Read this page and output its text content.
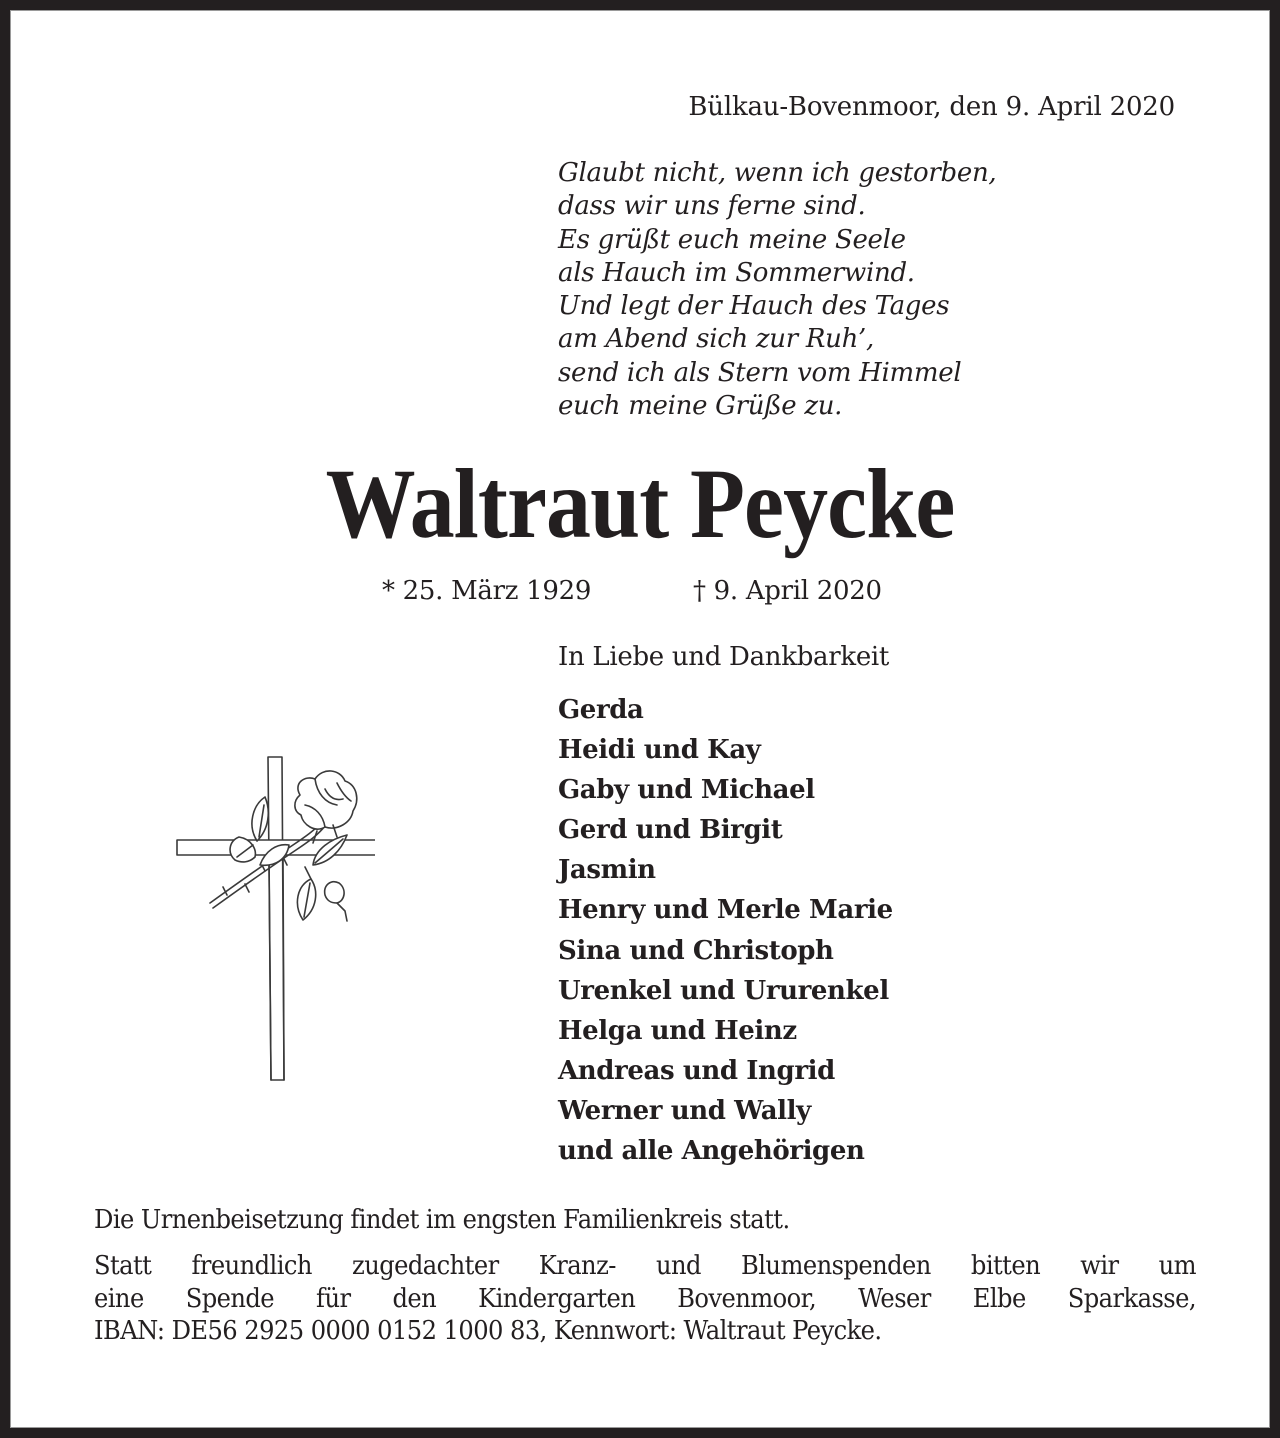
Bülkau-Bovenmoor, den 9. April 2020
Glaubt nicht, wenn ich gestorben,
dass wir uns ferne sind.
Es grüßt euch meine Seele
als Hauch im Sommerwind.
Und legt der Hauch des Tages
am Abend sich zur Ruh’,
send ich als Stern vom Himmel
euch meine Grüße zu.
Waltraut Peycke
* 25. März 1929	† 9. April 2020
In Liebe und Dankbarkeit
Gerda
Heidi und Kay
Gaby und Michael
Gerd und Birgit
Jasmin
Henry und Merle Marie
Sina und Christoph
Urenkel und Ururenkel
Helga und Heinz
Andreas und Ingrid
Werner und Wally
und alle Angehörigen
Die Urnenbeisetzung findet im engsten Familienkreis statt.
Statt freundlich zugedachter Kranz- und Blumenspenden bitten wir um
eine Spende für den Kindergarten Bovenmoor, Weser Elbe Sparkasse,
IBAN: DE56 2925 0000 0152 1000 83, Kennwort: Waltraut Peycke.
